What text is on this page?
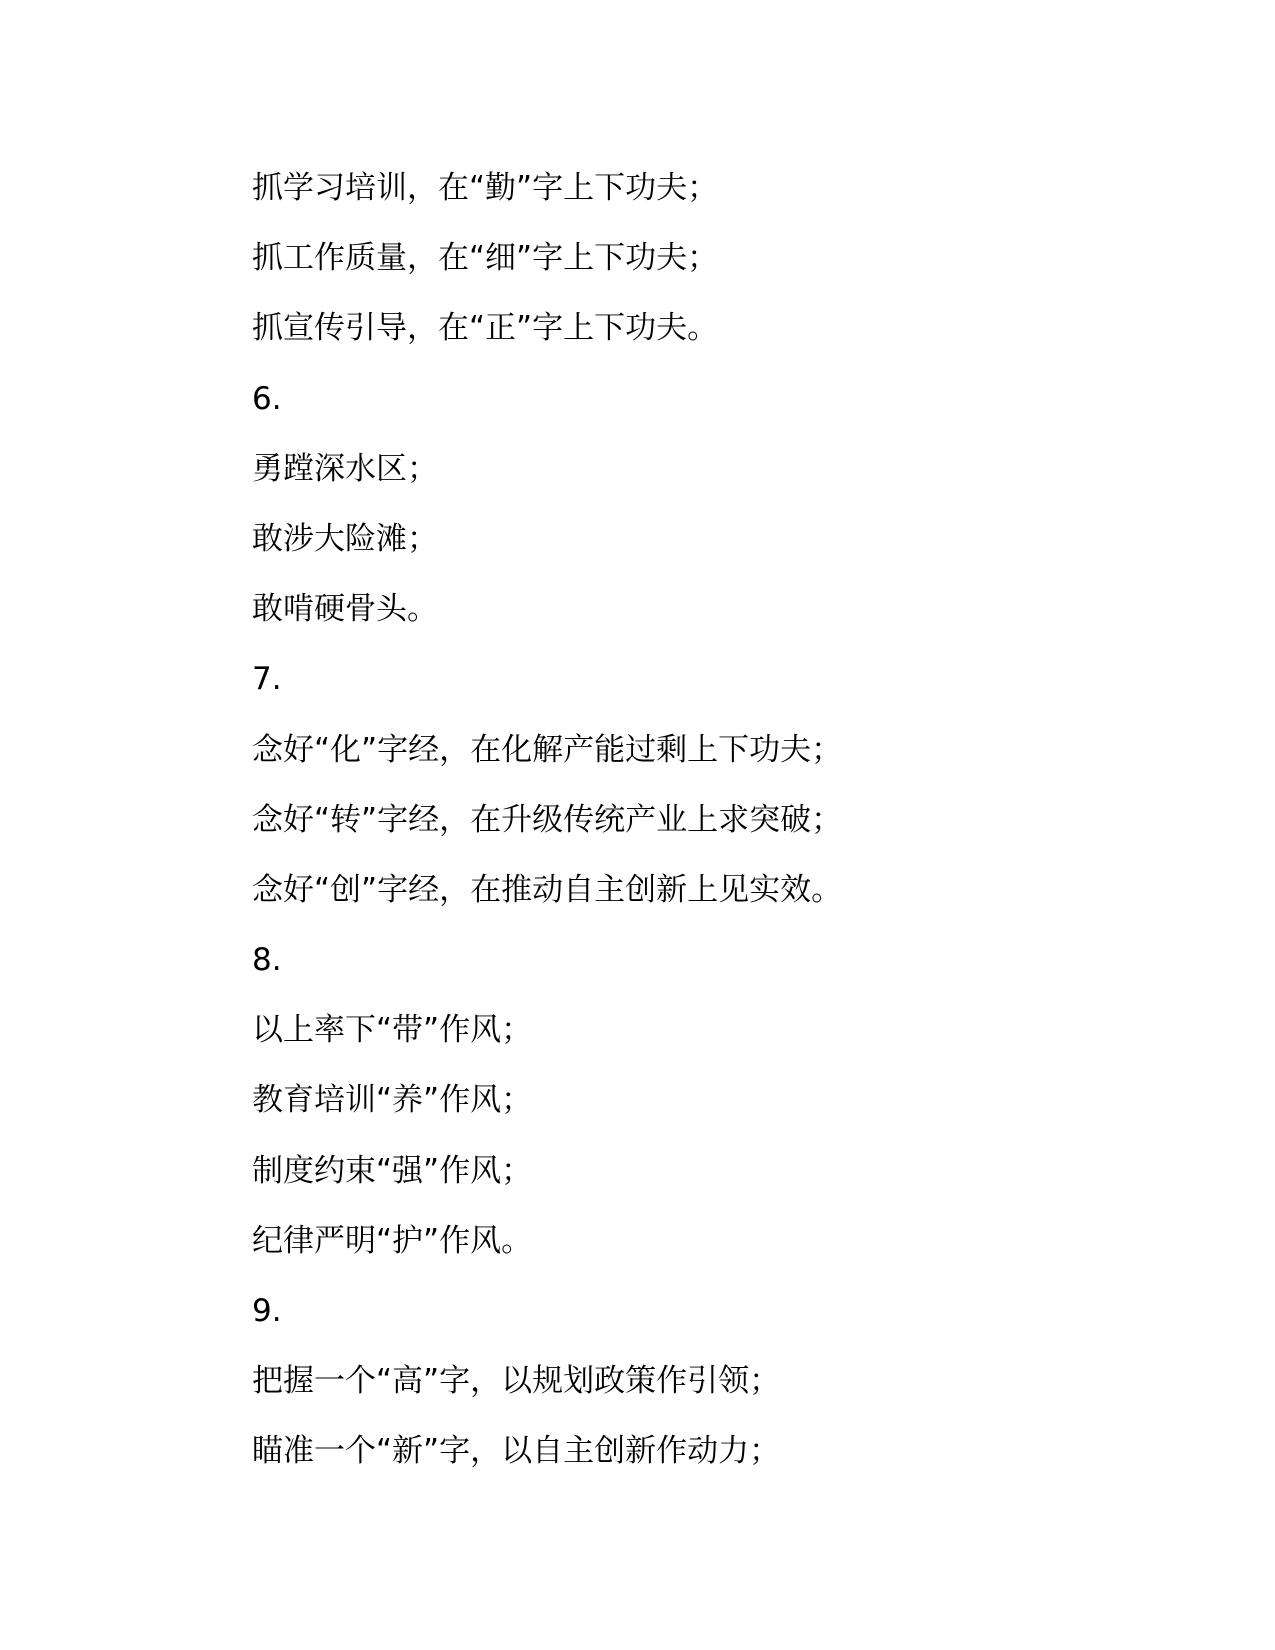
抓学习培训，在“勤”字上下功夫；
抓工作质量，在“细”字上下功夫；
抓宣传引导，在“正”字上下功夫。
6.
勇蹚深水区；
敢涉大险滩；
敢啃硬骨头。
7.
念好“化”字经，在化解产能过剩上下功夫；
念好“转”字经，在升级传统产业上求突破；
念好“创”字经，在推动自主创新上见实效。
8.
以上率下“带”作风；
教育培训“养”作风；
制度约束“强”作风；
纪律严明“护”作风。
9.
把握一个“高”字，以规划政策作引领；
瞄准一个“新”字，以自主创新作动力；
